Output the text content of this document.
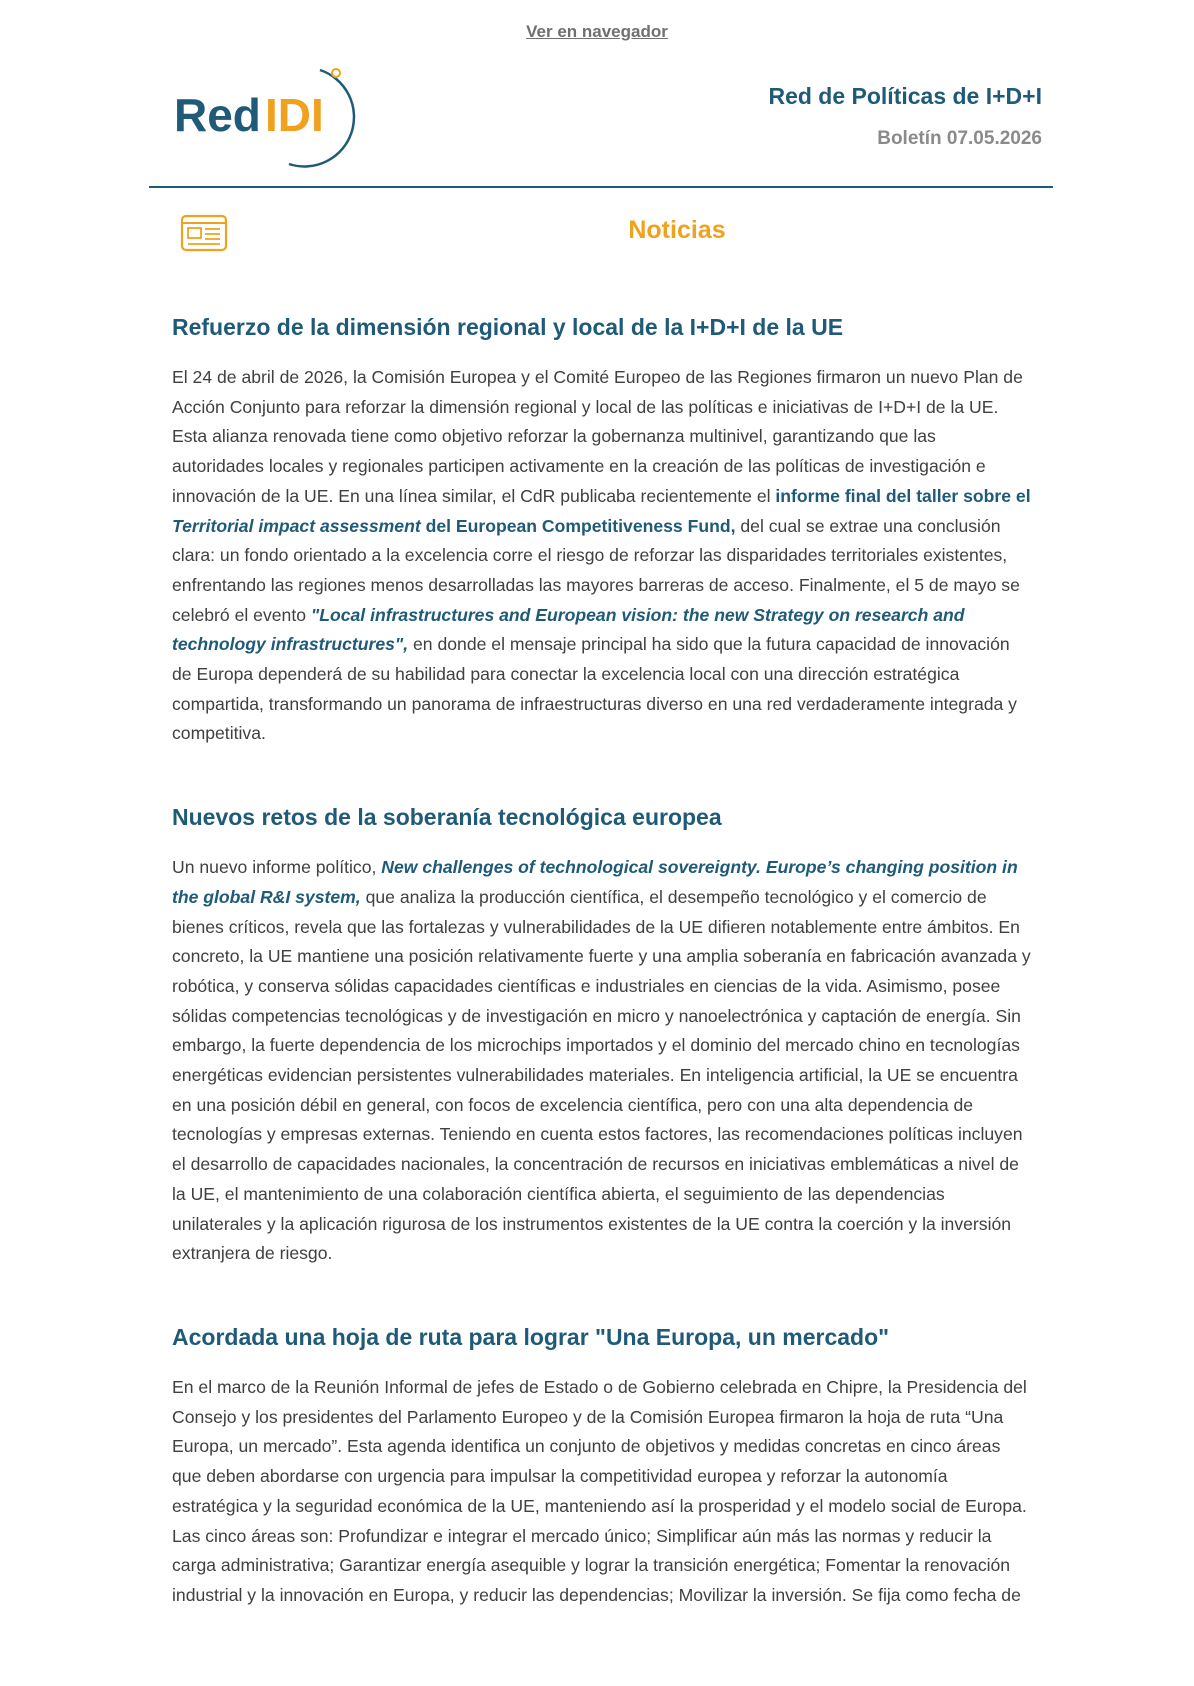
Ver en navegador
Red IDI	Red de Políticas de I+D+I
Boletín 07.05.2026
Noticias
Refuerzo de la dimensión regional y local de la I+D+I de la UE

El 24 de abril de 2026, la Comisión Europea y el Comité Europeo de las Regiones firmaron un nuevo Plan de Acción Conjunto para reforzar la dimensión regional y local de las políticas e iniciativas de I+D+I de la UE. Esta alianza renovada tiene como objetivo reforzar la gobernanza multinivel, garantizando que las autoridades locales y regionales participen activamente en la creación de las políticas de investigación e innovación de la UE. En una línea similar, el CdR publicaba recientemente el informe final del taller sobre el Territorial impact assessment del European Competitiveness Fund, del cual se extrae una conclusión clara: un fondo orientado a la excelencia corre el riesgo de reforzar las disparidades territoriales existentes, enfrentando las regiones menos desarrolladas las mayores barreras de acceso. Finalmente, el 5 de mayo se celebró el evento "Local infrastructures and European vision: the new Strategy on research and technology infrastructures", en donde el mensaje principal ha sido que la futura capacidad de innovación de Europa dependerá de su habilidad para conectar la excelencia local con una dirección estratégica compartida, transformando un panorama de infraestructuras diverso en una red verdaderamente integrada y competitiva.

Nuevos retos de la soberanía tecnológica europea

Un nuevo informe político, New challenges of technological sovereignty. Europe’s changing position in the global R&I system, que analiza la producción científica, el desempeño tecnológico y el comercio de bienes críticos, revela que las fortalezas y vulnerabilidades de la UE difieren notablemente entre ámbitos. En concreto, la UE mantiene una posición relativamente fuerte y una amplia soberanía en fabricación avanzada y robótica, y conserva sólidas capacidades científicas e industriales en ciencias de la vida. Asimismo, posee sólidas competencias tecnológicas y de investigación en micro y nanoelectrónica y captación de energía. Sin embargo, la fuerte dependencia de los microchips importados y el dominio del mercado chino en tecnologías energéticas evidencian persistentes vulnerabilidades materiales. En inteligencia artificial, la UE se encuentra en una posición débil en general, con focos de excelencia científica, pero con una alta dependencia de tecnologías y empresas externas. Teniendo en cuenta estos factores, las recomendaciones políticas incluyen el desarrollo de capacidades nacionales, la concentración de recursos en iniciativas emblemáticas a nivel de la UE, el mantenimiento de una colaboración científica abierta, el seguimiento de las dependencias unilaterales y la aplicación rigurosa de los instrumentos existentes de la UE contra la coerción y la inversión extranjera de riesgo.

Acordada una hoja de ruta para lograr "Una Europa, un mercado"

En el marco de la Reunión Informal de jefes de Estado o de Gobierno celebrada en Chipre, la Presidencia del Consejo y los presidentes del Parlamento Europeo y de la Comisión Europea firmaron la hoja de ruta “Una Europa, un mercado”. Esta agenda identifica un conjunto de objetivos y medidas concretas en cinco áreas que deben abordarse con urgencia para impulsar la competitividad europea y reforzar la autonomía estratégica y la seguridad económica de la UE, manteniendo así la prosperidad y el modelo social de Europa. Las cinco áreas son: Profundizar e integrar el mercado único; Simplificar aún más las normas y reducir la carga administrativa; Garantizar energía asequible y lograr la transición energética; Fomentar la renovación industrial y la innovación en Europa, y reducir las dependencias; Movilizar la inversión. Se fija como fecha de
